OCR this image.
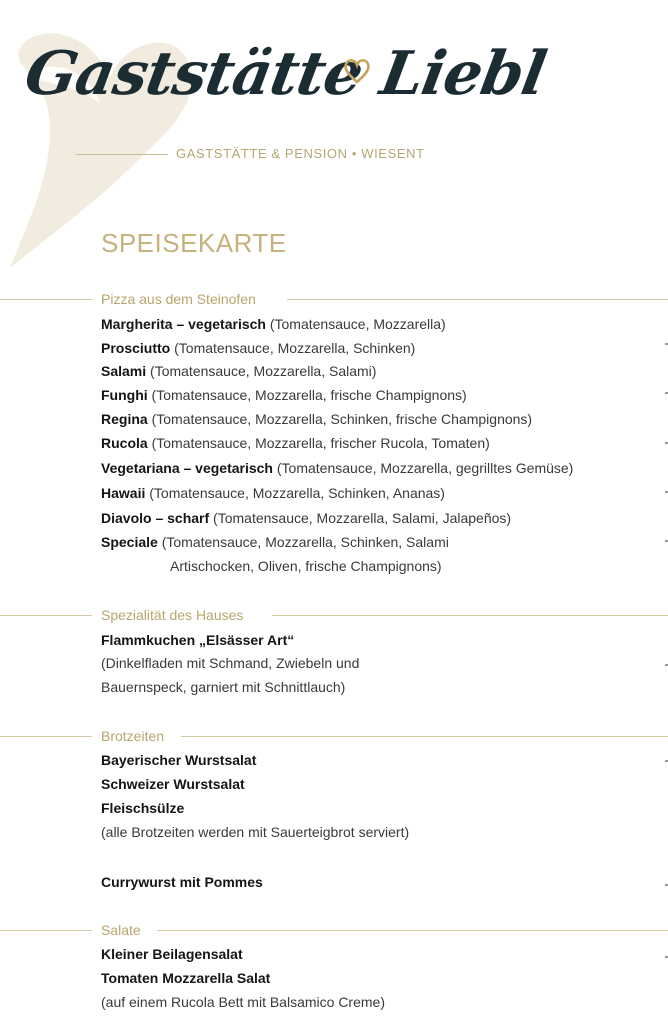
Gaststätte Liebl
GASTSTÄTTE & PENSION • WIESENT
SPEISEKARTE
Pizza aus dem Steinofen
Margherita – vegetarisch (Tomatensauce, Mozzarella)
Prosciutto (Tomatensauce, Mozzarella, Schinken)
Salami (Tomatensauce, Mozzarella, Salami)
Funghi (Tomatensauce, Mozzarella, frische Champignons)
Regina (Tomatensauce, Mozzarella, Schinken, frische Champignons)
Rucola (Tomatensauce, Mozzarella, frischer Rucola, Tomaten)
Vegetariana – vegetarisch (Tomatensauce, Mozzarella, gegrilltes Gemüse)
Hawaii (Tomatensauce, Mozzarella, Schinken, Ananas)
Diavolo – scharf (Tomatensauce, Mozzarella, Salami, Jalapeños)
Speciale (Tomatensauce, Mozzarella, Schinken, Salami
Artischocken, Oliven, frische Champignons)
Spezialität des Hauses
Flammkuchen „Elsässer Art“
(Dinkelfladen mit Schmand, Zwiebeln und
Bauernspeck, garniert mit Schnittlauch)
Brotzeiten
Bayerischer Wurstsalat
Schweizer Wurstsalat
Fleischsülze
(alle Brotzeiten werden mit Sauerteigbrot serviert)
Currywurst mit Pommes
Salate
Kleiner Beilagensalat
Tomaten Mozzarella Salat
(auf einem Rucola Bett mit Balsamico Creme)
